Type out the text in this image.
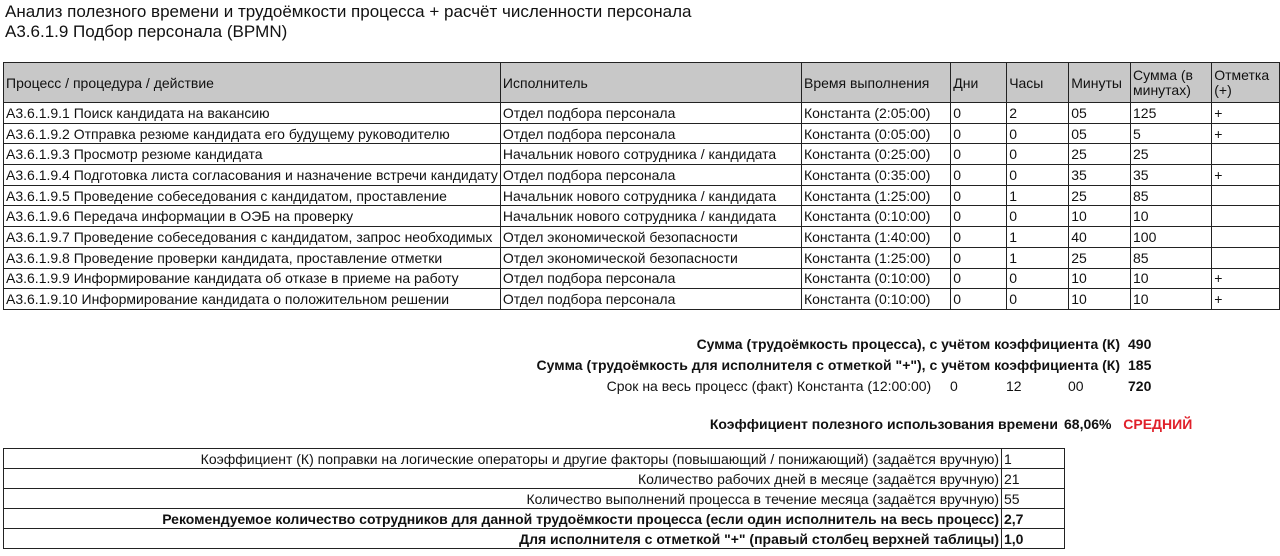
Анализ полезного времени и трудоёмкости процесса + расчёт численности персонала
А3.6.1.9 Подбор персонала (BPMN)
Процесс / процедура / действие	Исполнитель	Время выполнения	Дни	Часы	Минуты	Сумма (в минутах)	Отметка (+)
А3.6.1.9.1 Поиск кандидата на вакансию	Отдел подбора персонала	Константа (2:05:00)	0	2	05	125	+
А3.6.1.9.2 Отправка резюме кандидата его будущему руководителю	Отдел подбора персонала	Константа (0:05:00)	0	0	05	5	+
А3.6.1.9.3 Просмотр резюме кандидата	Начальник нового сотрудника / кандидата	Константа (0:25:00)	0	0	25	25	
А3.6.1.9.4 Подготовка листа согласования и назначение встречи кандидату	Отдел подбора персонала	Константа (0:35:00)	0	0	35	35	+
А3.6.1.9.5 Проведение собеседования с кандидатом, проставление	Начальник нового сотрудника / кандидата	Константа (1:25:00)	0	1	25	85	
А3.6.1.9.6 Передача информации в ОЭБ на проверку	Начальник нового сотрудника / кандидата	Константа (0:10:00)	0	0	10	10	
А3.6.1.9.7 Проведение собеседования с кандидатом, запрос необходимых	Отдел экономической безопасности	Константа (1:40:00)	0	1	40	100	
А3.6.1.9.8 Проведение проверки кандидата, проставление отметки	Отдел экономической безопасности	Константа (1:25:00)	0	1	25	85	
А3.6.1.9.9 Информирование кандидата об отказе в приеме на работу	Отдел подбора персонала	Константа (0:10:00)	0	0	10	10	+
А3.6.1.9.10 Информирование кандидата о положительном решении	Отдел подбора персонала	Константа (0:10:00)	0	0	10	10	+
Сумма (трудоёмкость процесса), с учётом коэффициента (К) 490
Сумма (трудоёмкость для исполнителя с отметкой "+"), с учётом коэффициента (К) 185
Срок на весь процесс (факт) Константа (12:00:00)	0	12	00	720
Коэффициент полезного использования времени 68,06% СРЕДНИЙ
Коэффициент (К) поправки на логические операторы и другие факторы (повышающий / понижающий) (задаётся вручную)	1
Количество рабочих дней в месяце (задаётся вручную)	21
Количество выполнений процесса в течение месяца (задаётся вручную)	55
Рекомендуемое количество сотрудников для данной трудоёмкости процесса (если один исполнитель на весь процесс)	2,7
Для исполнителя с отметкой "+" (правый столбец верхней таблицы)	1,0
